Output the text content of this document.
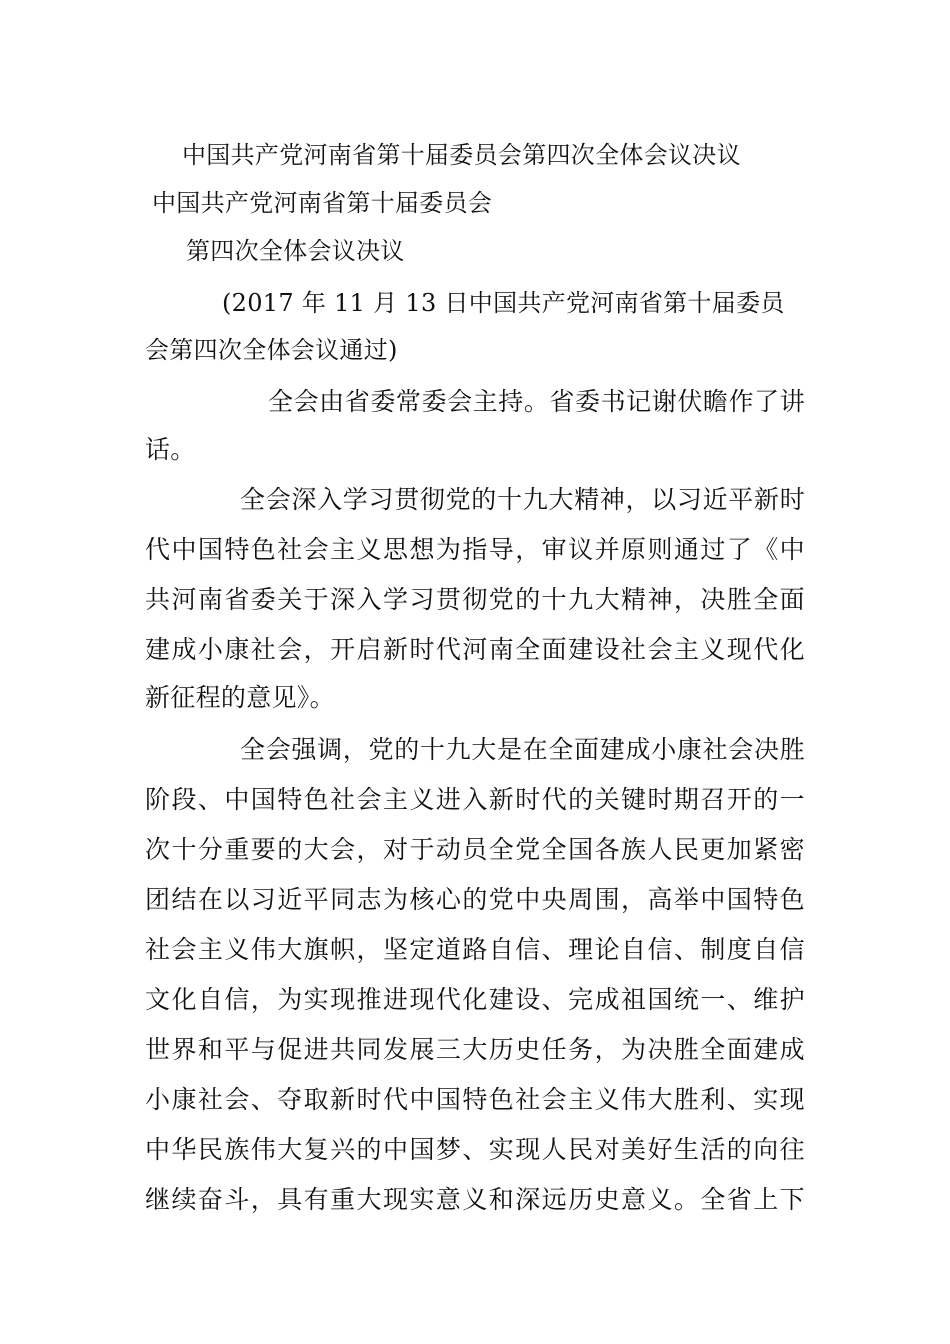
中国共产党河南省第十届委员会第四次全体会议决议
中国共产党河南省第十届委员会
第四次全体会议决议
(2017 年 11 月 13 日中国共产党河南省第十届委员
会第四次全体会议通过)
全会由省委常委会主持。省委书记谢伏瞻作了讲
话。
全会深入学习贯彻党的十九大精神，以习近平新时
代中国特色社会主义思想为指导，审议并原则通过了《中
共河南省委关于深入学习贯彻党的十九大精神，决胜全面
建成小康社会，开启新时代河南全面建设社会主义现代化
新征程的意见》。
全会强调，党的十九大是在全面建成小康社会决胜
阶段、中国特色社会主义进入新时代的关键时期召开的一
次十分重要的大会，对于动员全党全国各族人民更加紧密
团结在以习近平同志为核心的党中央周围，高举中国特色
社会主义伟大旗帜，坚定道路自信、理论自信、制度自信
文化自信，为实现推进现代化建设、完成祖国统一、维护
世界和平与促进共同发展三大历史任务，为决胜全面建成
小康社会、夺取新时代中国特色社会主义伟大胜利、实现
中华民族伟大复兴的中国梦、实现人民对美好生活的向往
继续奋斗，具有重大现实意义和深远历史意义。全省上下
